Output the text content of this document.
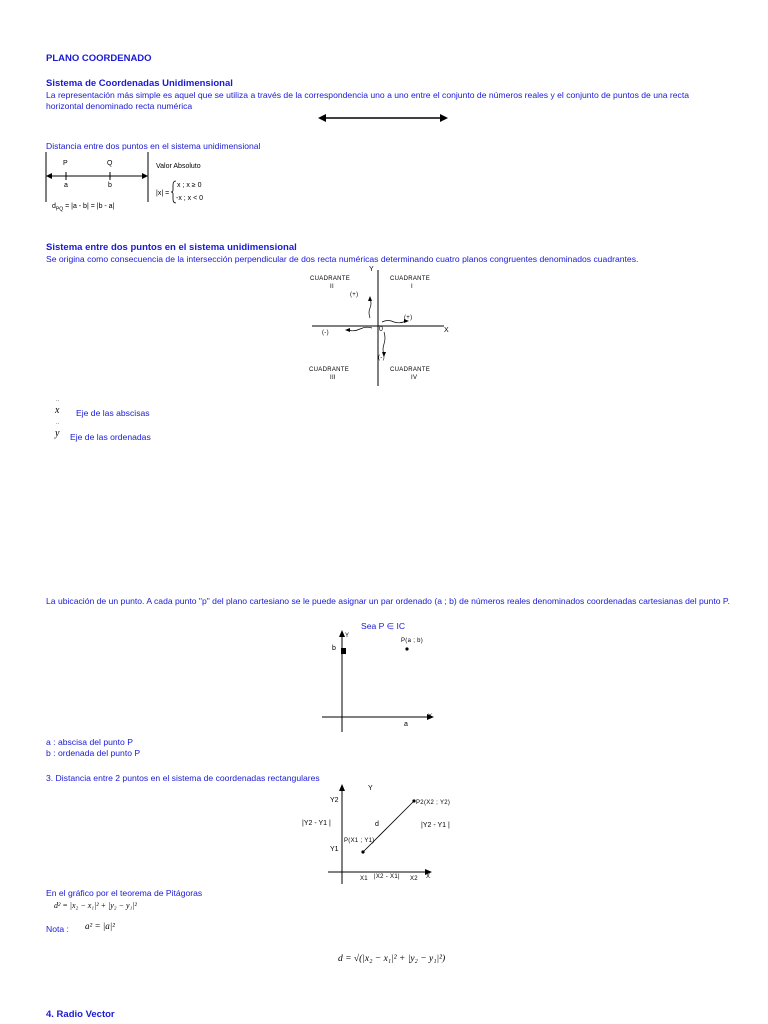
PLANO COORDENADO
Sistema de Coordenadas Unidimensional
La representación más simple es aquel que se utiliza a través de la correspondencia uno a uno entre el conjunto de números reales y el conjunto de puntos de una recta horizontal denominado recta numérica
Distancia entre dos puntos en el sistema unidimensional
P	Q
a	b
$d_{PQ} = |a - b| = |b - a|$
Valor Absoluto
|x| =
x ; x ≥ 0
-x ; x < 0
Sistema entre dos puntos en el sistema unidimensional
Se origina como consecuencia de la intersección perpendicular de dos recta numéricas determinando cuatro planos congruentes denominados cuadrantes.
CUADRANTE
II
CUADRANTE
I
CUADRANTE
III
CUADRANTE
IV
(+)
(+)
(-)
(-)
X
Y
0
··
x Eje de las abscisas
··
y Eje de las ordenadas
La ubicación de un punto. A cada punto "p" del plano cartesiano se le puede asignar un par ordenado (a ; b) de números reales denominados coordenadas cartesianas del punto P.
Sea P ∈ IC
P(a ; b)
b
a
Y
X
a : abscisa del punto P
b : ordenada del punto P
3. Distancia entre 2 puntos en el sistema de coordenadas rectangulares
Y
Y2
Y1
|Y2 - Y1 |	|Y2 - Y1 |
d
P(X1 ; Y1)
P2(X2 ; Y2)
X1 |X2 - X1| X2 X
En el gráfico por el teorema de Pitágoras
d² = |x₂ − x₁|² + |y₂ − y₁|²
Nota : a² = |a|²
d = √(|x₂ − x₁|² + |y₂ − y₁|²)
4. Radio Vector
